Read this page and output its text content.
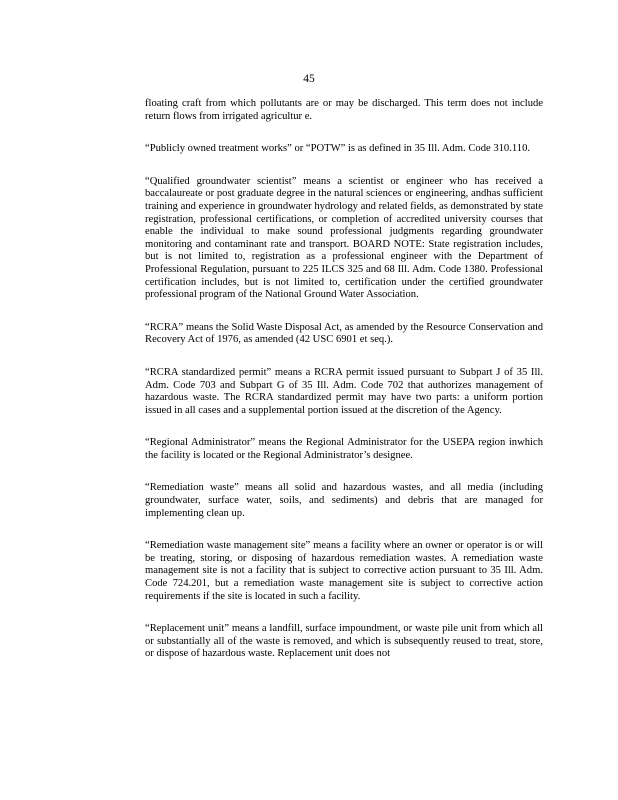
45

floating craft from which pollutants are or may be discharged. This term does not include return flows from irrigated agricultur e.

“Publicly owned treatment works” or “POTW” is as defined in 35 Ill. Adm. Code 310.110.

“Qualified groundwater scientist” means a scientist or engineer who has received a baccalaureate or post graduate degree in the natural sciences or engineering, andhas sufficient training and experience in groundwater hydrology and related fields, as demonstrated by state registration, professional certifications, or completion of accredited university courses that enable the individual to make sound professional judgments regarding groundwater monitoring and contaminant rate and transport. BOARD NOTE: State registration includes, but is not limited to, registration as a professional engineer with the Department of Professional Regulation, pursuant to 225 ILCS 325 and 68 Ill. Adm. Code 1380. Professional certification includes, but is not limited to, certification under the certified groundwater professional program of the National Ground Water Association.

“RCRA” means the Solid Waste Disposal Act, as amended by the Resource Conservation and Recovery Act of 1976, as amended (42 USC 6901 et seq.).

“RCRA standardized permit” means a RCRA permit issued pursuant to Subpart J of 35 Ill. Adm. Code 703 and Subpart G of 35 Ill. Adm. Code 702 that authorizes management of hazardous waste. The RCRA standardized permit may have two parts: a uniform portion issued in all cases and a supplemental portion issued at the discretion of the Agency.

“Regional Administrator” means the Regional Administrator for the USEPA region inwhich the facility is located or the Regional Administrator’s designee.

“Remediation waste” means all solid and hazardous wastes, and all media (including groundwater, surface water, soils, and sediments) and debris that are managed for implementing clean up.

“Remediation waste management site” means a facility where an owner or operator is or will be treating, storing, or disposing of hazardous remediation wastes. A remediation waste management site is not a facility that is subject to corrective action pursuant to 35 Ill. Adm. Code 724.201, but a remediation waste management site is subject to corrective action requirements if the site is located in such a facility.

“Replacement unit” means a landfill, surface impoundment, or waste pile unit from which all or substantially all of the waste is removed, and which is subsequently reused to treat, store, or dispose of hazardous waste. Replacement unit does not
